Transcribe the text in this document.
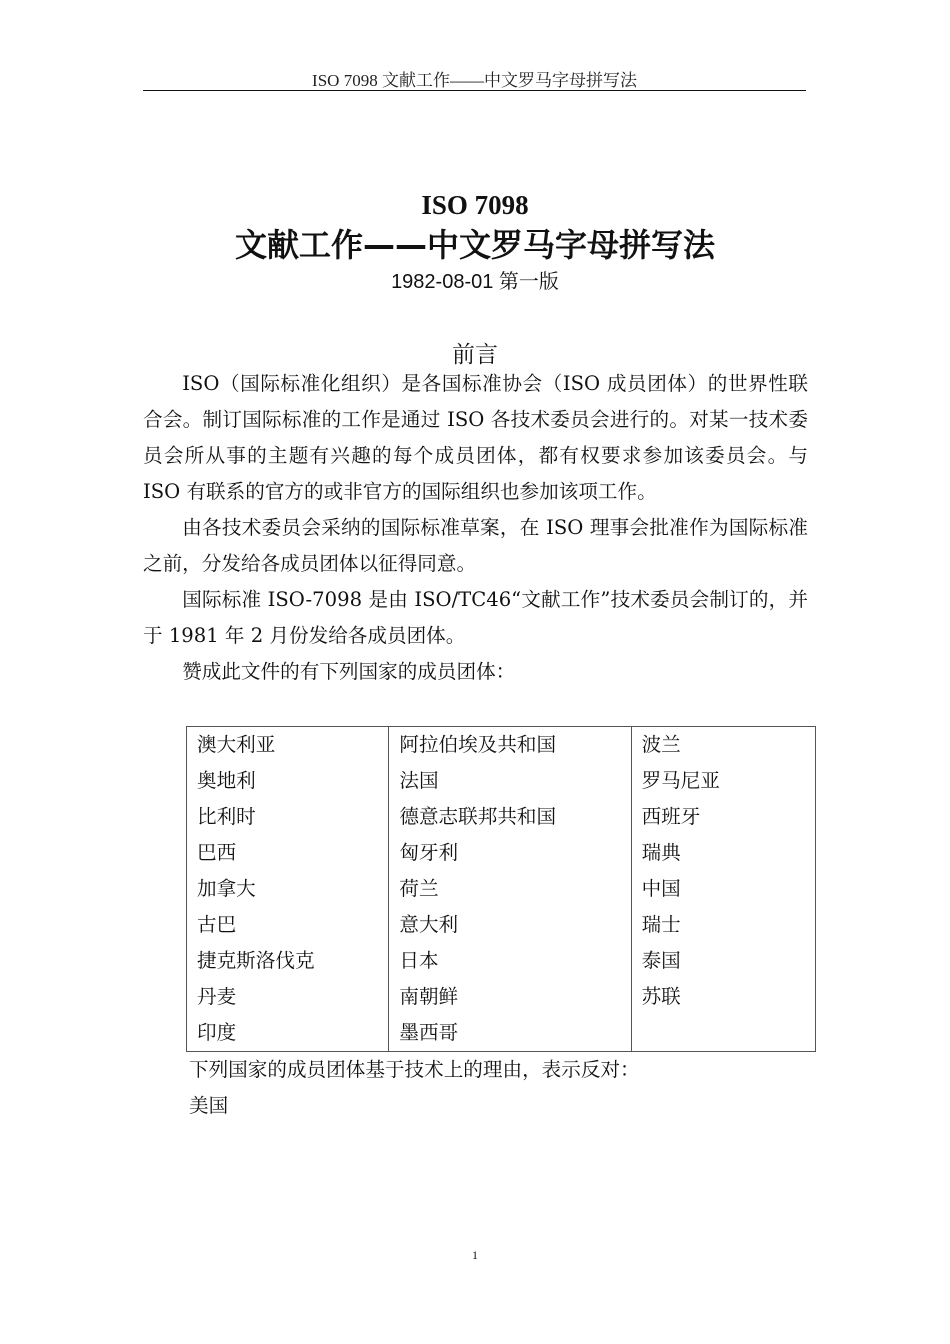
ISO 7098 文献工作——中文罗马字母拼写法
ISO 7098
文献工作——中文罗马字母拼写法
1982-08-01 第一版
前言

ISO（国际标准化组织）是各国标准协会（ISO 成员团体）的世界性联合会。制订国际标准的工作是通过 ISO 各技术委员会进行的。对某一技术委员会所从事的主题有兴趣的每个成员团体，都有权要求参加该委员会。与 ISO 有联系的官方的或非官方的国际组织也参加该项工作。

由各技术委员会采纳的国际标准草案，在 ISO 理事会批准作为国际标准之前，分发给各成员团体以征得同意。

国际标准 ISO-7098 是由 ISO/TC46“文献工作”技术委员会制订的，并于 1981 年 2 月份发给各成员团体。

赞成此文件的有下列国家的成员团体：

澳大利亚	阿拉伯埃及共和国	波兰
奥地利	法国	罗马尼亚
比利时	德意志联邦共和国	西班牙
巴西	匈牙利	瑞典
加拿大	荷兰	中国
古巴	意大利	瑞士
捷克斯洛伐克	日本	泰国
丹麦	南朝鲜	苏联
印度	墨西哥	
下列国家的成员团体基于技术上的理由，表示反对：
美国
1
